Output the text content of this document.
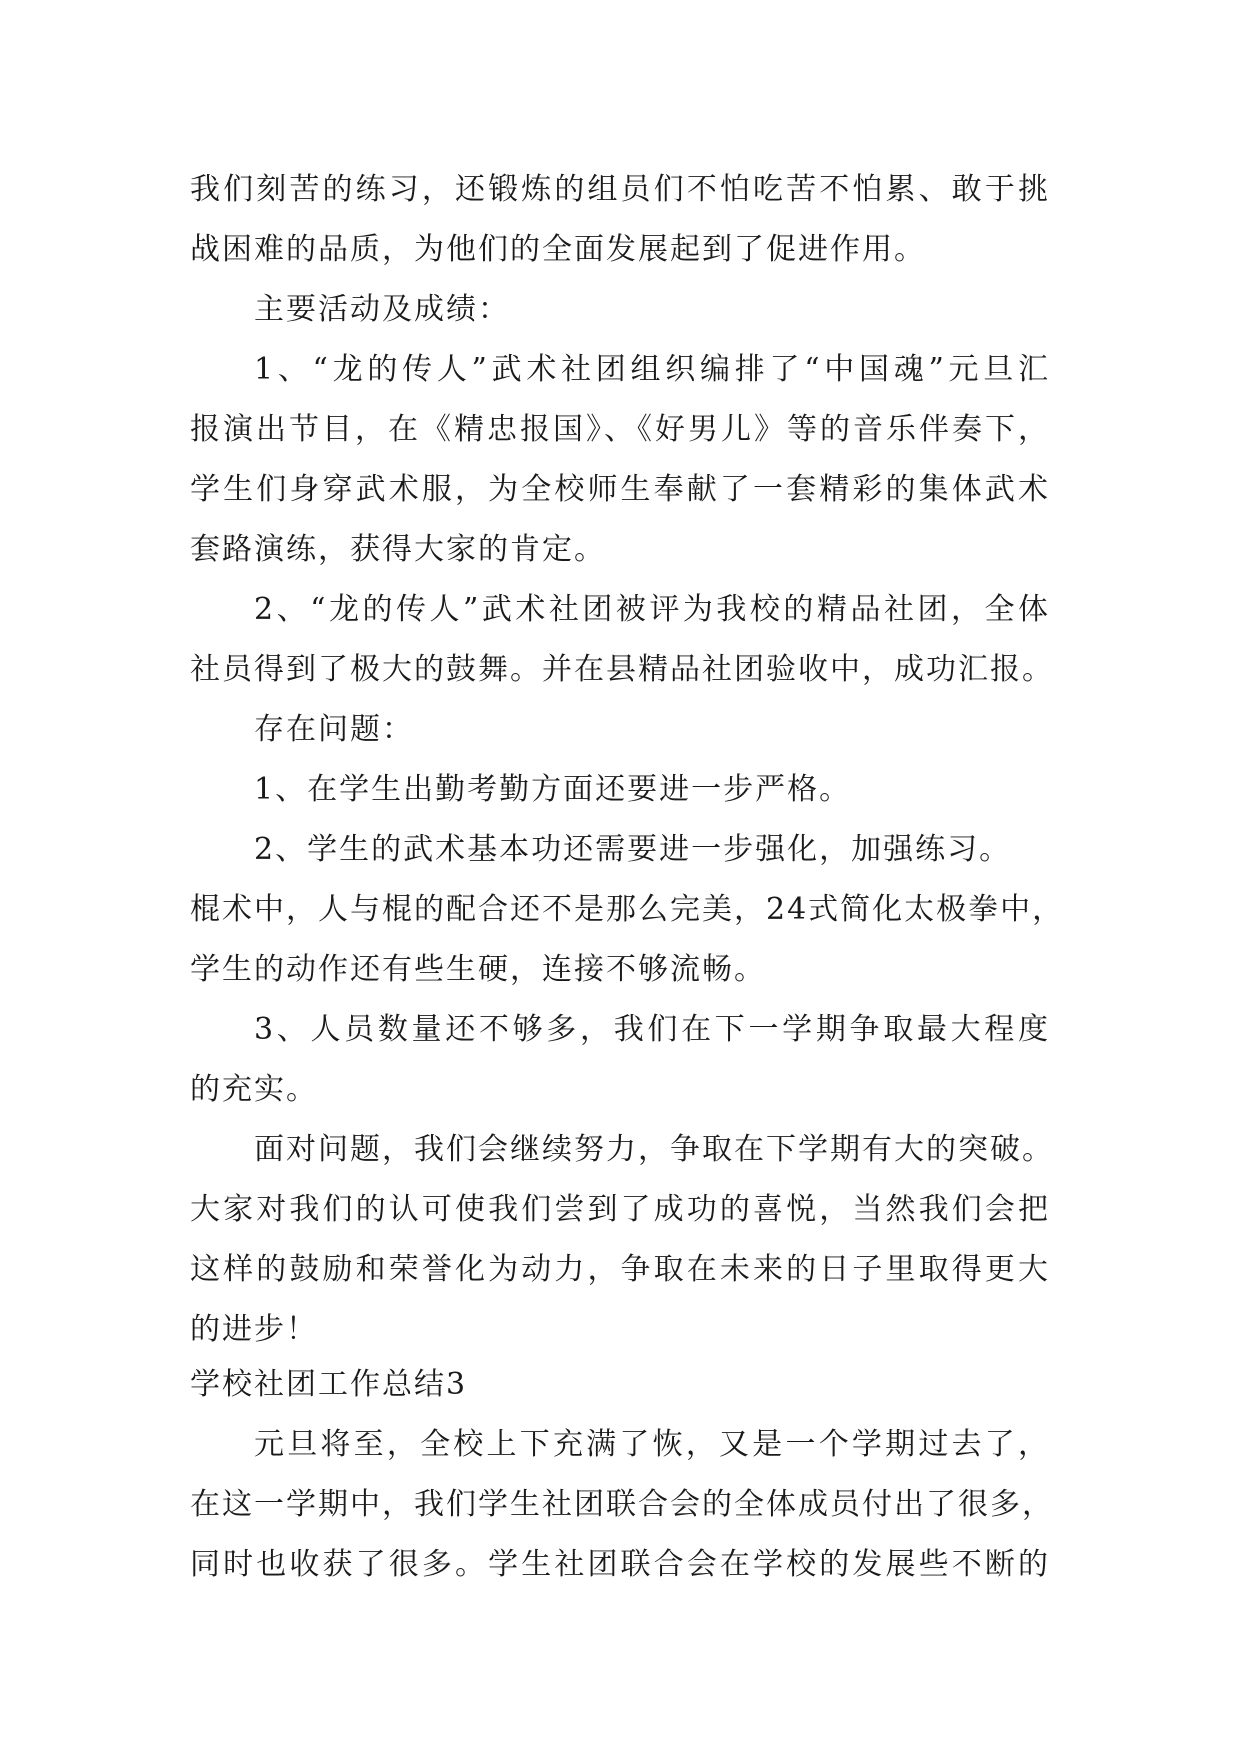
我们刻苦的练习，还锻炼的组员们不怕吃苦不怕累、敢于挑
战困难的品质，为他们的全面发展起到了促进作用。
主要活动及成绩：
1、“龙的传人”武术社团组织编排了“中国魂”元旦汇
报演出节目，在《精忠报国》、《好男儿》等的音乐伴奏下，
学生们身穿武术服，为全校师生奉献了一套精彩的集体武术
套路演练，获得大家的肯定。
2、“龙的传人”武术社团被评为我校的精品社团，全体
社员得到了极大的鼓舞。并在县精品社团验收中，成功汇报。
存在问题：
1、在学生出勤考勤方面还要进一步严格。
2、学生的武术基本功还需要进一步强化，加强练习。
棍术中，人与棍的配合还不是那么完美，24式简化太极拳中，
学生的动作还有些生硬，连接不够流畅。
3、人员数量还不够多，我们在下一学期争取最大程度
的充实。
面对问题，我们会继续努力，争取在下学期有大的突破。
大家对我们的认可使我们尝到了成功的喜悦，当然我们会把
这样的鼓励和荣誉化为动力，争取在未来的日子里取得更大
的进步！
学校社团工作总结3
元旦将至，全校上下充满了恢，又是一个学期过去了，
在这一学期中，我们学生社团联合会的全体成员付出了很多，
同时也收获了很多。学生社团联合会在学校的发展些不断的
